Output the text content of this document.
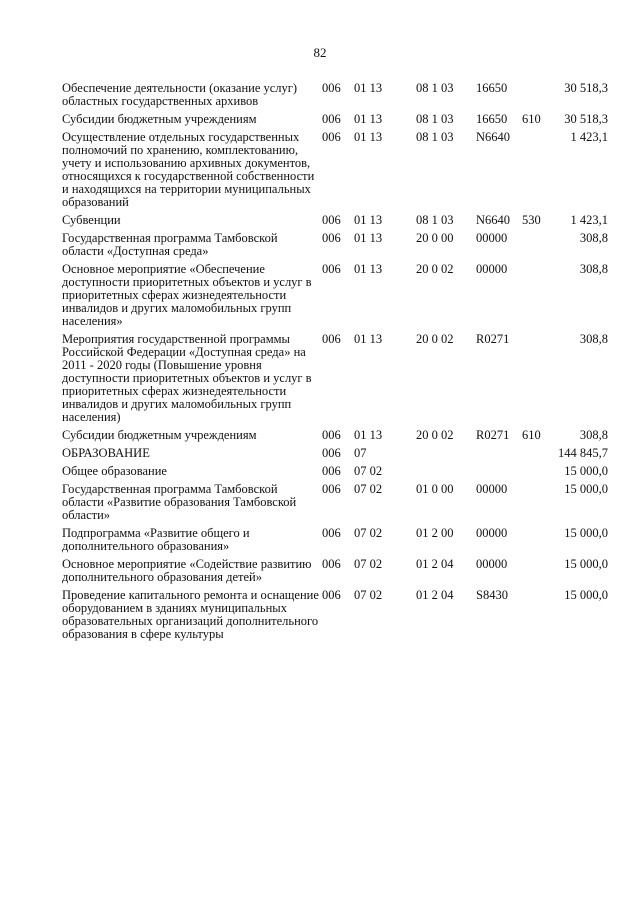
82
Обеспечение деятельности (оказание услуг) областных государственных архивов	006	01 13	08 1 03	16650		30 518,3
Субсидии бюджетным учреждениям	006	01 13	08 1 03	16650	610	30 518,3
Осуществление отдельных государственных полномочий по хранению, комплектованию, учету и использованию архивных документов, относящихся к государственной собственности и находящихся на территории муниципальных образований	006	01 13	08 1 03	N6640		1 423,1
Субвенции	006	01 13	08 1 03	N6640	530	1 423,1
Государственная программа Тамбовской области «Доступная среда»	006	01 13	20 0 00	00000		308,8
Основное мероприятие «Обеспечение доступности приоритетных объектов и услуг в приоритетных сферах жизнедеятельности инвалидов и других маломобильных групп населения»	006	01 13	20 0 02	00000		308,8
Мероприятия государственной программы Российской Федерации «Доступная среда» на 2011 - 2020 годы (Повышение уровня доступности приоритетных объектов и услуг в приоритетных сферах жизнедеятельности инвалидов и других маломобильных групп населения)	006	01 13	20 0 02	R0271		308,8
Субсидии бюджетным учреждениям	006	01 13	20 0 02	R0271	610	308,8
ОБРАЗОВАНИЕ	006	07				144 845,7
Общее образование	006	07 02				15 000,0
Государственная программа Тамбовской области «Развитие образования Тамбовской области»	006	07 02	01 0 00	00000		15 000,0
Подпрограмма «Развитие общего и дополнительного образования»	006	07 02	01 2 00	00000		15 000,0
Основное мероприятие «Содействие развитию дополнительного образования детей»	006	07 02	01 2 04	00000		15 000,0
Проведение капитального ремонта и оснащение оборудованием в зданиях муниципальных образовательных организаций дополнительного образования в сфере культуры	006	07 02	01 2 04	S8430		15 000,0
